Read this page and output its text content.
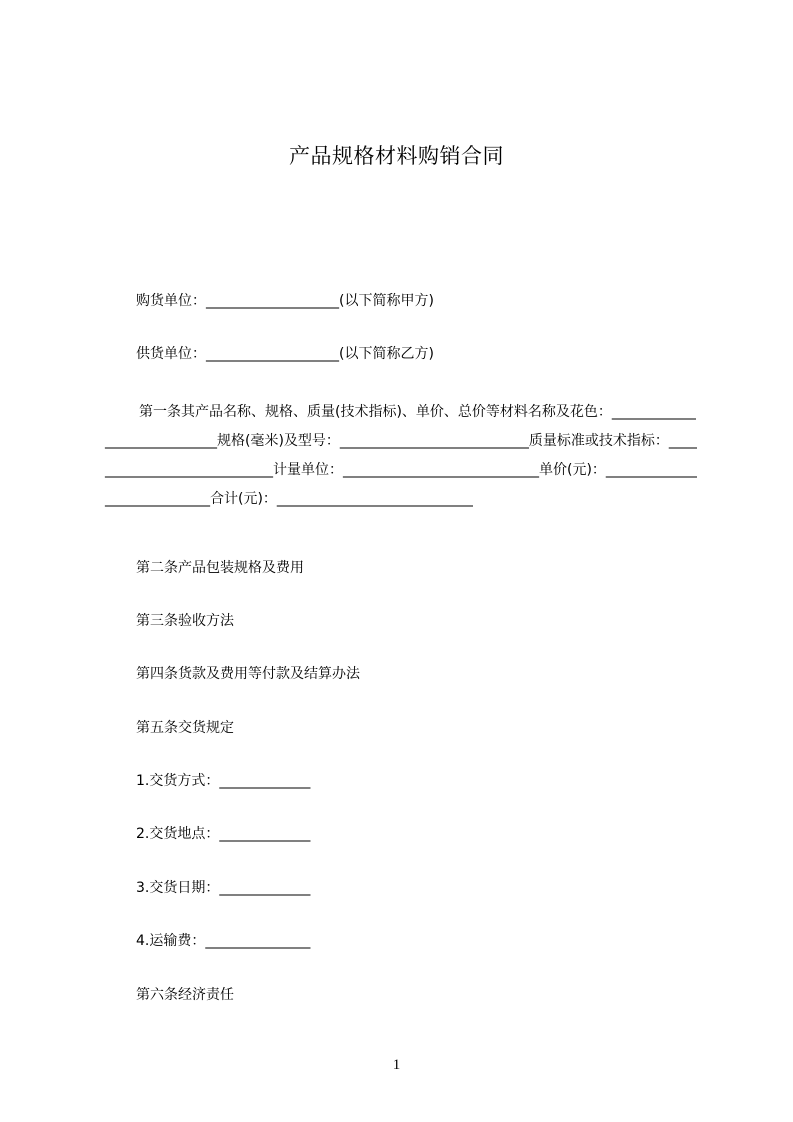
产品规格材料购销合同
购货单位：___________________(以下简称甲方)
供货单位：___________________(以下简称乙方)
第一条其产品名称、规格、质量(技术指标)、单价、总价等材料名称及花色：____________________________规格(毫米)及型号：___________________________质量标准或技术指标：____________________________计量单位：____________________________单价(元)：____________________________合计(元)：____________________________
第二条产品包装规格及费用
第三条验收方法
第四条货款及费用等付款及结算办法
第五条交货规定
1.交货方式：_____________
2.交货地点：_____________
3.交货日期：_____________
4.运输费：_______________
第六条经济责任
1
